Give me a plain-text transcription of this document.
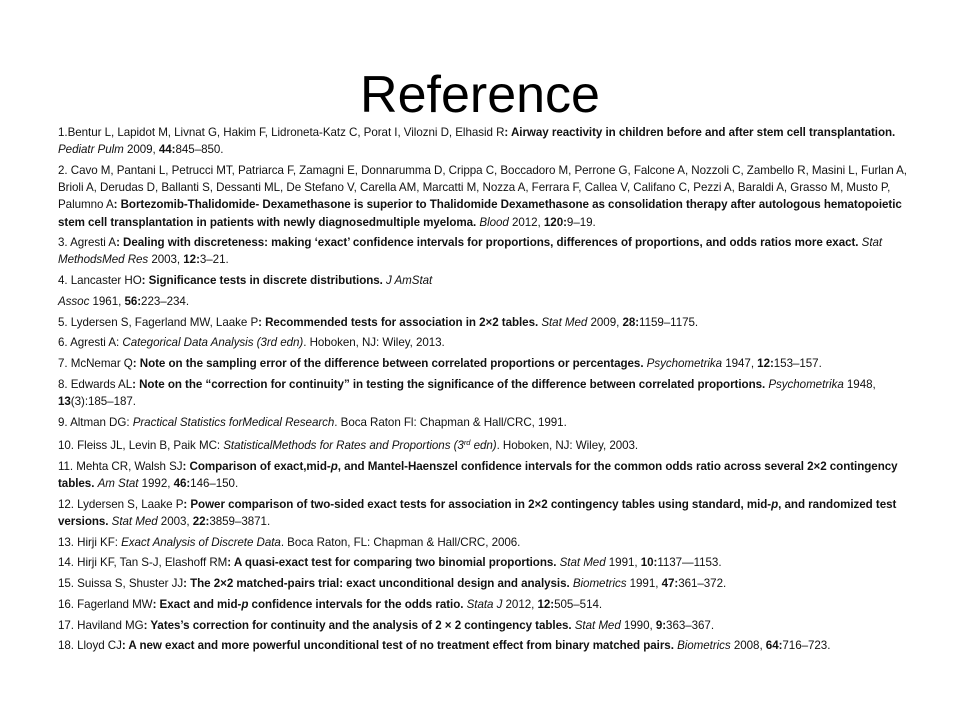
Reference

1.Bentur L, Lapidot M, Livnat G, Hakim F, Lidroneta-Katz C, Porat I, Vilozni D, Elhasid R: Airway reactivity in children before and after stem cell transplantation. Pediatr Pulm 2009, 44:845–850.

2. Cavo M, Pantani L, Petrucci MT, Patriarca F, Zamagni E, Donnarumma D, Crippa C, Boccadoro M, Perrone G, Falcone A, Nozzoli C, Zambello R, Masini L, Furlan A, Brioli A, Derudas D, Ballanti S, Dessanti ML, De Stefano V, Carella AM, Marcatti M, Nozza A, Ferrara F, Callea V, Califano C, Pezzi A, Baraldi A, Grasso M, Musto P, Palumno A: Bortezomib-Thalidomide- Dexamethasone is superior to Thalidomide Dexamethasone as consolidation therapy after autologous hematopoietic stem cell transplantation in patients with newly diagnosedmultiple myeloma. Blood 2012, 120:9–19.

3. Agresti A: Dealing with discreteness: making ‘exact’ confidence intervals for proportions, differences of proportions, and odds ratios more exact. Stat MethodsMed Res 2003, 12:3–21.

4. Lancaster HO: Significance tests in discrete distributions. J AmStat

Assoc 1961, 56:223–234.

5. Lydersen S, Fagerland MW, Laake P: Recommended tests for association in 2×2 tables. Stat Med 2009, 28:1159–1175.

6. Agresti A: Categorical Data Analysis (3rd edn). Hoboken, NJ: Wiley, 2013.

7. McNemar Q: Note on the sampling error of the difference between correlated proportions or percentages. Psychometrika 1947, 12:153–157.

8. Edwards AL: Note on the “correction for continuity” in testing the significance of the difference between correlated proportions. Psychometrika 1948, 13(3):185–187.

9. Altman DG: Practical Statistics forMedical Research. Boca Raton Fl: Chapman & Hall/CRC, 1991.

10. Fleiss JL, Levin B, Paik MC: StatisticalMethods for Rates and Proportions (3rd edn). Hoboken, NJ: Wiley, 2003.

11. Mehta CR, Walsh SJ: Comparison of exact,mid-p, and Mantel-Haenszel confidence intervals for the common odds ratio across several 2×2 contingency tables. Am Stat 1992, 46:146–150.

12. Lydersen S, Laake P: Power comparison of two-sided exact tests for association in 2×2 contingency tables using standard, mid-p, and randomized test versions. Stat Med 2003, 22:3859–3871.

13. Hirji KF: Exact Analysis of Discrete Data. Boca Raton, FL: Chapman & Hall/CRC, 2006.

14. Hirji KF, Tan S-J, Elashoff RM: A quasi-exact test for comparing two binomial proportions. Stat Med 1991, 10:1137—1153.

15. Suissa S, Shuster JJ: The 2×2 matched-pairs trial: exact unconditional design and analysis. Biometrics 1991, 47:361–372.

16. Fagerland MW: Exact and mid-p confidence intervals for the odds ratio. Stata J 2012, 12:505–514.

17. Haviland MG: Yates’s correction for continuity and the analysis of 2 × 2 contingency tables. Stat Med 1990, 9:363–367.

18. Lloyd CJ: A new exact and more powerful unconditional test of no treatment effect from binary matched pairs. Biometrics 2008, 64:716–723.
